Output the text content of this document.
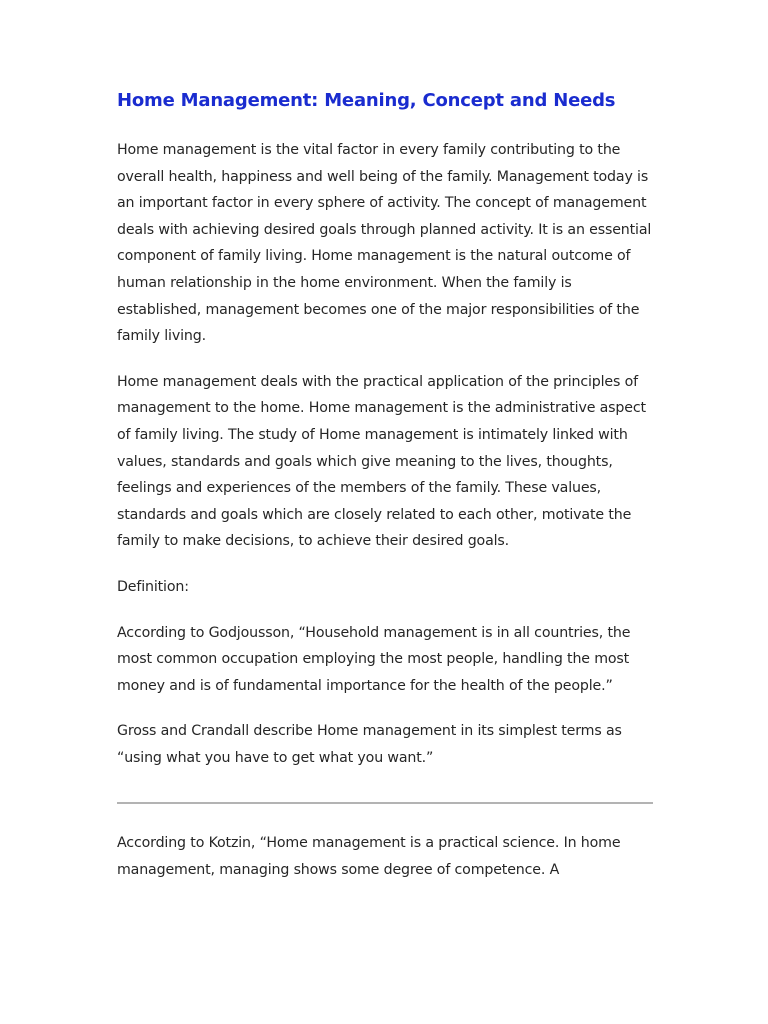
Home Management: Meaning, Concept and Needs

Home management is the vital factor in every family contributing to the overall health, happiness and well being of the family. Management today is an important factor in every sphere of activity. The concept of management deals with achieving desired goals through planned activity. It is an essential component of family living. Home management is the natural outcome of human relationship in the home environment. When the family is established, management becomes one of the major responsibilities of the family living.

Home management deals with the practical application of the principles of management to the home. Home management is the administrative aspect of family living. The study of Home management is intimately linked with values, standards and goals which give meaning to the lives, thoughts, feelings and experiences of the members of the family. These values, standards and goals which are closely related to each other, motivate the family to make decisions, to achieve their desired goals.

Definition:

According to Godjousson, “Household management is in all countries, the most common occupation employing the most people, handling the most money and is of fundamental importance for the health of the people.”

Gross and Crandall describe Home management in its simplest terms as “using what you have to get what you want.”

According to Kotzin, “Home management is a practical science. In home management, managing shows some degree of competence. A
